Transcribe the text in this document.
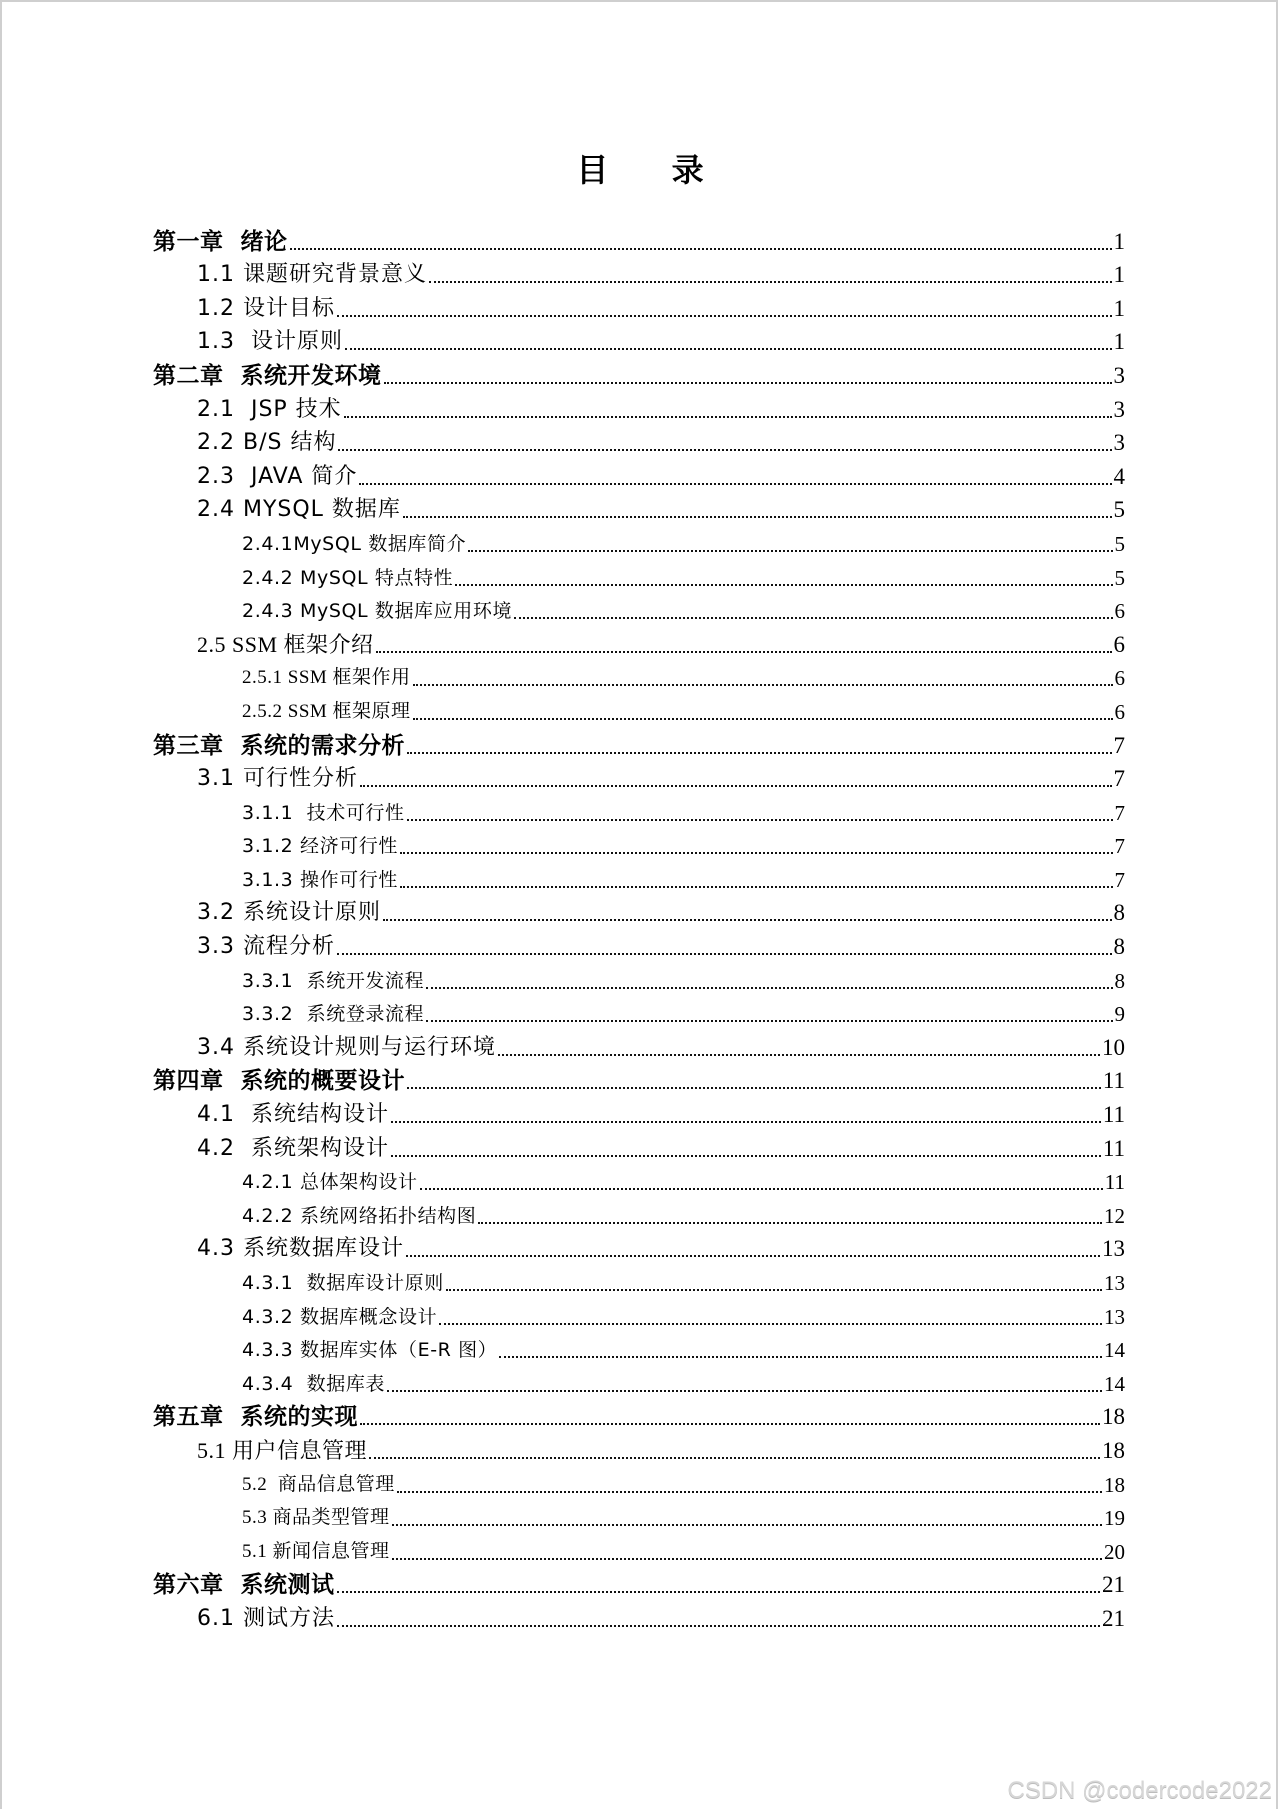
目 录
第一章  绪论	1
1.1 课题研究背景意义	1
1.2 设计目标	1
1.3  设计原则	1
第二章  系统开发环境	3
2.1  JSP 技术	3
2.2 B/S 结构	3
2.3  JAVA 简介	4
2.4 MYSQL 数据库	5
2.4.1MySQL 数据库简介	5
2.4.2 MySQL 特点特性	5
2.4.3 MySQL 数据库应用环境	6
2.5 SSM 框架介绍	6
2.5.1 SSM 框架作用	6
2.5.2 SSM 框架原理	6
第三章  系统的需求分析	7
3.1 可行性分析	7
3.1.1  技术可行性	7
3.1.2 经济可行性	7
3.1.3 操作可行性	7
3.2 系统设计原则	8
3.3 流程分析	8
3.3.1  系统开发流程	8
3.3.2  系统登录流程	9
3.4 系统设计规则与运行环境	10
第四章  系统的概要设计	11
4.1  系统结构设计	11
4.2  系统架构设计	11
4.2.1 总体架构设计	11
4.2.2 系统网络拓扑结构图	12
4.3 系统数据库设计	13
4.3.1  数据库设计原则	13
4.3.2 数据库概念设计	13
4.3.3 数据库实体（E-R 图）	14
4.3.4  数据库表	14
第五章  系统的实现	18
5.1 用户信息管理	18
5.2  商品信息管理	18
5.3 商品类型管理	19
5.1 新闻信息管理	20
第六章  系统测试	21
6.1 测试方法	21
CSDN @codercode2022
